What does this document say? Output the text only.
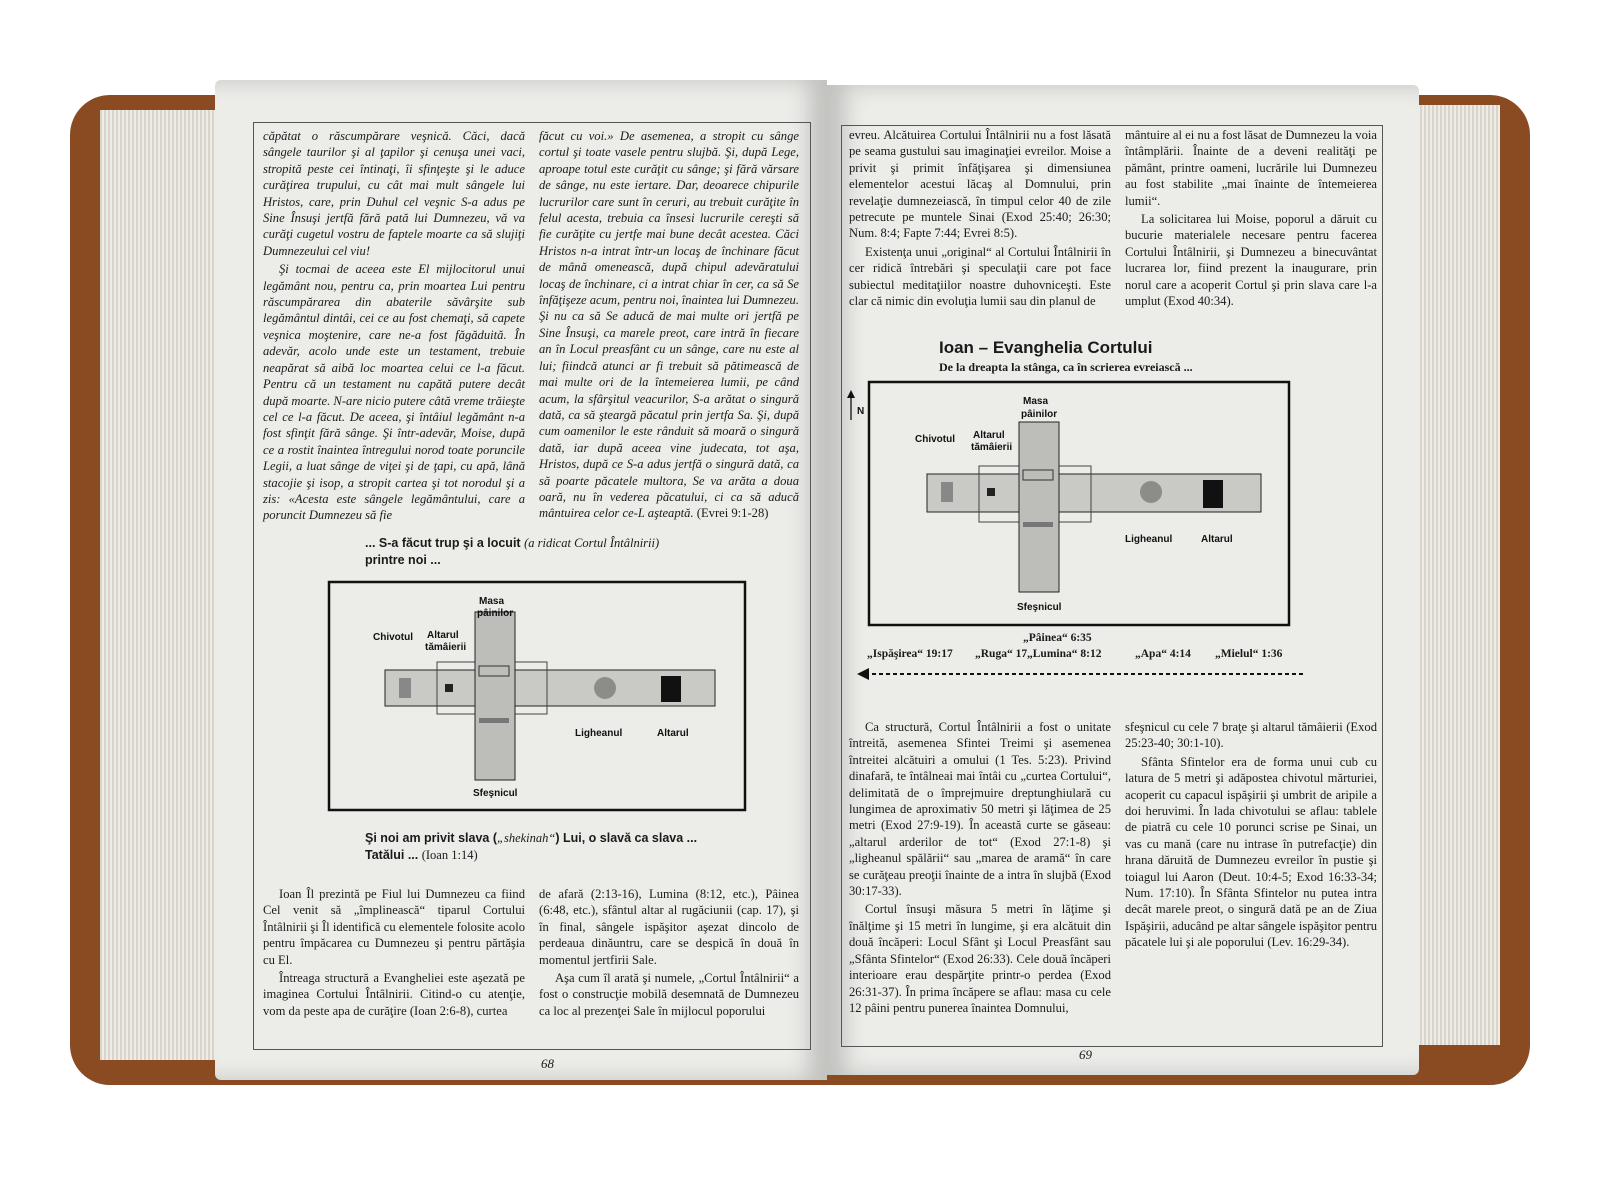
căpătat o răscumpărare veşnică. Căci, dacă sângele taurilor şi al ţapilor şi cenuşa unei vaci, stropită peste cei întinaţi, îi sfinţeşte şi le aduce curăţirea trupului, cu cât mai mult sângele lui Hristos, care, prin Duhul cel veşnic S-a adus pe Sine Însuşi jertfă fără pată lui Dumnezeu, vă va curăţi cugetul vostru de faptele moarte ca să slujiţi Dumnezeului cel viu!

Şi tocmai de aceea este El mijlocitorul unui legământ nou, pentru ca, prin moartea Lui pentru răscumpărarea din abaterile săvârşite sub legământul dintâi, cei ce au fost chemaţi, să capete veşnica moştenire, care ne-a fost făgăduită. În adevăr, acolo unde este un testament, trebuie neapărat să aibă loc moartea celui ce l-a făcut. Pentru că un testament nu capătă putere decât după moarte. N-are nicio putere câtă vreme trăieşte cel ce l-a făcut. De aceea, şi întâiul legământ n-a fost sfinţit fără sânge. Şi într-adevăr, Moise, după ce a rostit înaintea întregului norod toate poruncile Legii, a luat sânge de viţei şi de ţapi, cu apă, lână stacojie şi isop, a stropit cartea şi tot norodul şi a zis: «Acesta este sângele legământului, care a poruncit Dumnezeu să fie

făcut cu voi.» De asemenea, a stropit cu sânge cortul şi toate vasele pentru slujbă. Şi, după Lege, aproape totul este curăţit cu sânge; şi fără vărsare de sânge, nu este iertare. Dar, deoarece chipurile lucrurilor care sunt în ceruri, au trebuit curăţite în felul acesta, trebuia ca însesi lucrurile cereşti să fie curăţite cu jertfe mai bune decât acestea. Căci Hristos n-a intrat într-un locaş de închinare făcut de mână omenească, după chipul adevăratului locaş de închinare, ci a intrat chiar în cer, ca să Se înfăţişeze acum, pentru noi, înaintea lui Dumnezeu. Şi nu ca să Se aducă de mai multe ori jertfă pe Sine Însuşi, ca marele preot, care intră în fiecare an în Locul preasfânt cu un sânge, care nu este al lui; fiindcă atunci ar fi trebuit să pătimească de mai multe ori de la întemeierea lumii, pe când acum, la sfârşitul veacurilor, S-a arătat o singură dată, ca să şteargă păcatul prin jertfa Sa. Şi, după cum oamenilor le este rânduit să moară o singură dată, iar după aceea vine judecata, tot aşa, Hristos, după ce S-a adus jertfă o singură dată, ca să poarte păcatele multora, Se va arăta a doua oară, nu în vederea păcatului, ci ca să aducă mântuirea celor ce-L aşteaptă. (Evrei 9:1-28)

... S-a făcut trup şi a locuit (a ridicat Cortul Întâlnirii)
printre noi ...
Masa
pâinilor
Chivotul Altarul
tămâierii
Ligheanul	Altarul
Sfeşnicul
Şi noi am privit slava („shekinah“) Lui, o slavă ca slava ...
Tatălui ... (Ioan 1:14)

Ioan Îl prezintă pe Fiul lui Dumnezeu ca fiind Cel venit să „împlinească“ tiparul Cortului Întâlnirii şi Îl identifică cu elementele folosite acolo pentru împăcarea cu Dumnezeu şi pentru părtăşia cu El.

Întreaga structură a Evangheliei este aşezată pe imaginea Cortului Întâlnirii. Citind-o cu atenţie, vom da peste apa de curăţire (Ioan 2:6-8), curtea

de afară (2:13-16), Lumina (8:12, etc.), Pâinea (6:48, etc.), sfântul altar al rugăciunii (cap. 17), şi în final, sângele ispăşitor aşezat dincolo de perdeaua dinăuntru, care se despică în două în momentul jertfirii Sale.

Aşa cum îl arată şi numele, „Cortul Întâlnirii“ a fost o construcţie mobilă desemnată de Dumnezeu ca loc al prezenţei Sale în mijlocul poporului

68

evreu. Alcătuirea Cortului Întâlnirii nu a fost lăsată pe seama gustului sau imaginaţiei evreilor. Moise a privit şi primit înfăţişarea şi dimensiunea elementelor acestui lăcaş al Domnului, prin revelaţie dumnezeiască, în timpul celor 40 de zile petrecute pe muntele Sinai (Exod 25:40; 26:30; Num. 8:4; Fapte 7:44; Evrei 8:5).

Existenţa unui „original“ al Cortului Întâlnirii în cer ridică întrebări şi speculaţii care pot face subiectul meditaţiilor noastre duhovniceşti. Este clar că nimic din evoluţia lumii sau din planul de

mântuire al ei nu a fost lăsat de Dumnezeu la voia întâmplării. Înainte de a deveni realităţi pe pământ, printre oameni, lucrările lui Dumnezeu au fost stabilite „mai înainte de întemeierea lumii“.

La solicitarea lui Moise, poporul a dăruit cu bucurie materialele necesare pentru facerea Cortului Întâlnirii, şi Dumnezeu a binecuvântat lucrarea lor, fiind prezent la inaugurare, prin norul care a acoperit Cortul şi prin slava care l-a umplut (Exod 40:34).

Ioan – Evanghelia Cortului
De la dreapta la stânga, ca în scrierea evreiască ...
N
Masa
pâinilor
Chivotul Altarul
tămâierii
Ligheanul	Altarul
Sfeşnicul
„Pâinea“ 6:35
„Ispăşirea“ 19:17 „Ruga“ 17 „Lumina“ 8:12	„Apa“ 4:14 „Mielul“ 1:36

Ca structură, Cortul Întâlnirii a fost o unitate întreită, asemenea Sfintei Treimi şi asemenea întreitei alcătuiri a omului (1 Tes. 5:23). Privind dinafară, te întâlneai mai întâi cu „curtea Cortului“, delimitată de o împrejmuire dreptunghiulară cu lungimea de aproximativ 50 metri şi lăţimea de 25 metri (Exod 27:9-19). În această curte se găseau: „altarul arderilor de tot“ (Exod 27:1-8) şi „ligheanul spălării“ sau „marea de aramă“ în care se curăţeau preoţii înainte de a intra în slujbă (Exod 30:17-33).

Cortul însuşi măsura 5 metri în lăţime şi înălţime şi 15 metri în lungime, şi era alcătuit din două încăperi: Locul Sfânt şi Locul Preasfânt sau „Sfânta Sfintelor“ (Exod 26:33). Cele două încăperi interioare erau despărţite printr-o perdea (Exod 26:31-37). În prima încăpere se aflau: masa cu cele 12 pâini pentru punerea înaintea Domnului,

sfeşnicul cu cele 7 braţe şi altarul tămâierii (Exod 25:23-40; 30:1-10).

Sfânta Sfintelor era de forma unui cub cu latura de 5 metri şi adăpostea chivotul mărturiei, acoperit cu capacul ispăşirii şi umbrit de aripile a doi heruvimi. În lada chivotului se aflau: tablele de piatră cu cele 10 porunci scrise pe Sinai, un vas cu mană (care nu intrase în putrefacţie) din hrana dăruită de Dumnezeu evreilor în pustie şi toiagul lui Aaron (Deut. 10:4-5; Exod 16:33-34; Num. 17:10). În Sfânta Sfintelor nu putea intra decât marele preot, o singură dată pe an de Ziua Ispăşirii, aducând pe altar sângele ispăşitor pentru păcatele lui şi ale poporului (Lev. 16:29-34).

69
